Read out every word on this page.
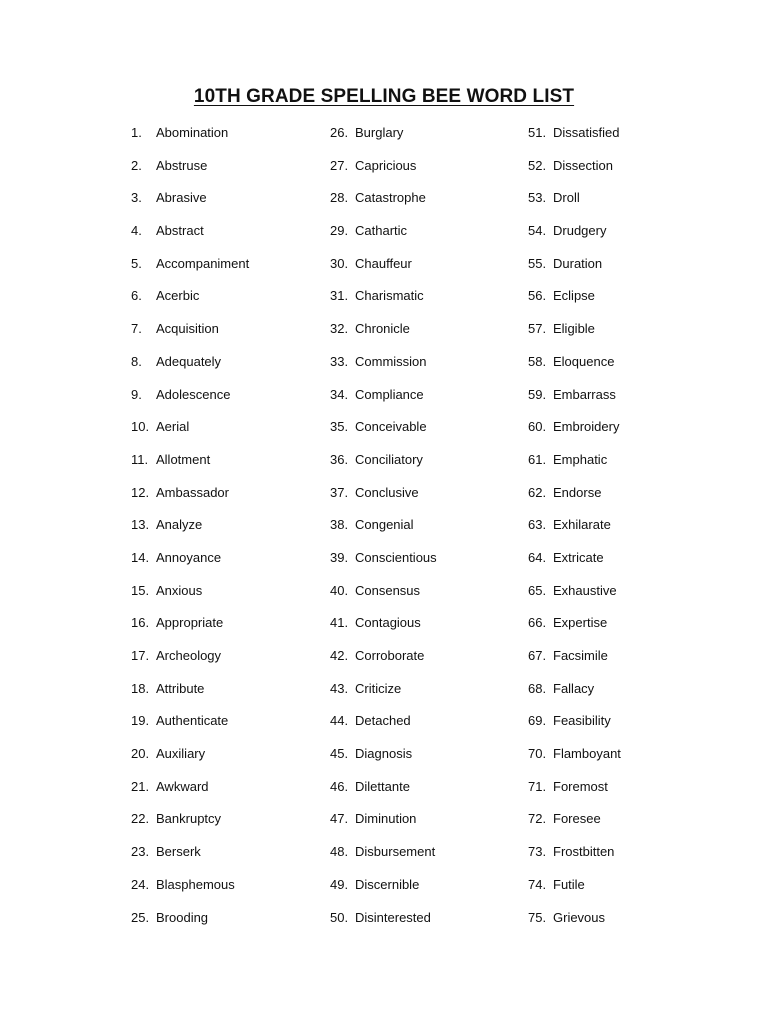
10TH GRADE SPELLING BEE WORD LIST
1.	Abomination
2.	Abstruse
3.	Abrasive
4.	Abstract
5.	Accompaniment
6.	Acerbic
7.	Acquisition
8.	Adequately
9.	Adolescence
10. Aerial
11. Allotment
12. Ambassador
13. Analyze
14. Annoyance
15. Anxious
16. Appropriate
17. Archeology
18. Attribute
19. Authenticate
20. Auxiliary
21. Awkward
22. Bankruptcy
23. Berserk
24. Blasphemous
25. Brooding
26. Burglary
27. Capricious
28. Catastrophe
29. Cathartic
30. Chauffeur
31. Charismatic
32. Chronicle
33. Commission
34. Compliance
35. Conceivable
36. Conciliatory
37. Conclusive
38. Congenial
39. Conscientious
40. Consensus
41. Contagious
42. Corroborate
43. Criticize
44. Detached
45. Diagnosis
46. Dilettante
47. Diminution
48. Disbursement
49. Discernible
50. Disinterested
51. Dissatisfied
52. Dissection
53. Droll
54. Drudgery
55. Duration
56. Eclipse
57. Eligible
58. Eloquence
59. Embarrass
60. Embroidery
61. Emphatic
62. Endorse
63. Exhilarate
64. Extricate
65. Exhaustive
66. Expertise
67. Facsimile
68. Fallacy
69. Feasibility
70. Flamboyant
71. Foremost
72. Foresee
73. Frostbitten
74. Futile
75. Grievous
